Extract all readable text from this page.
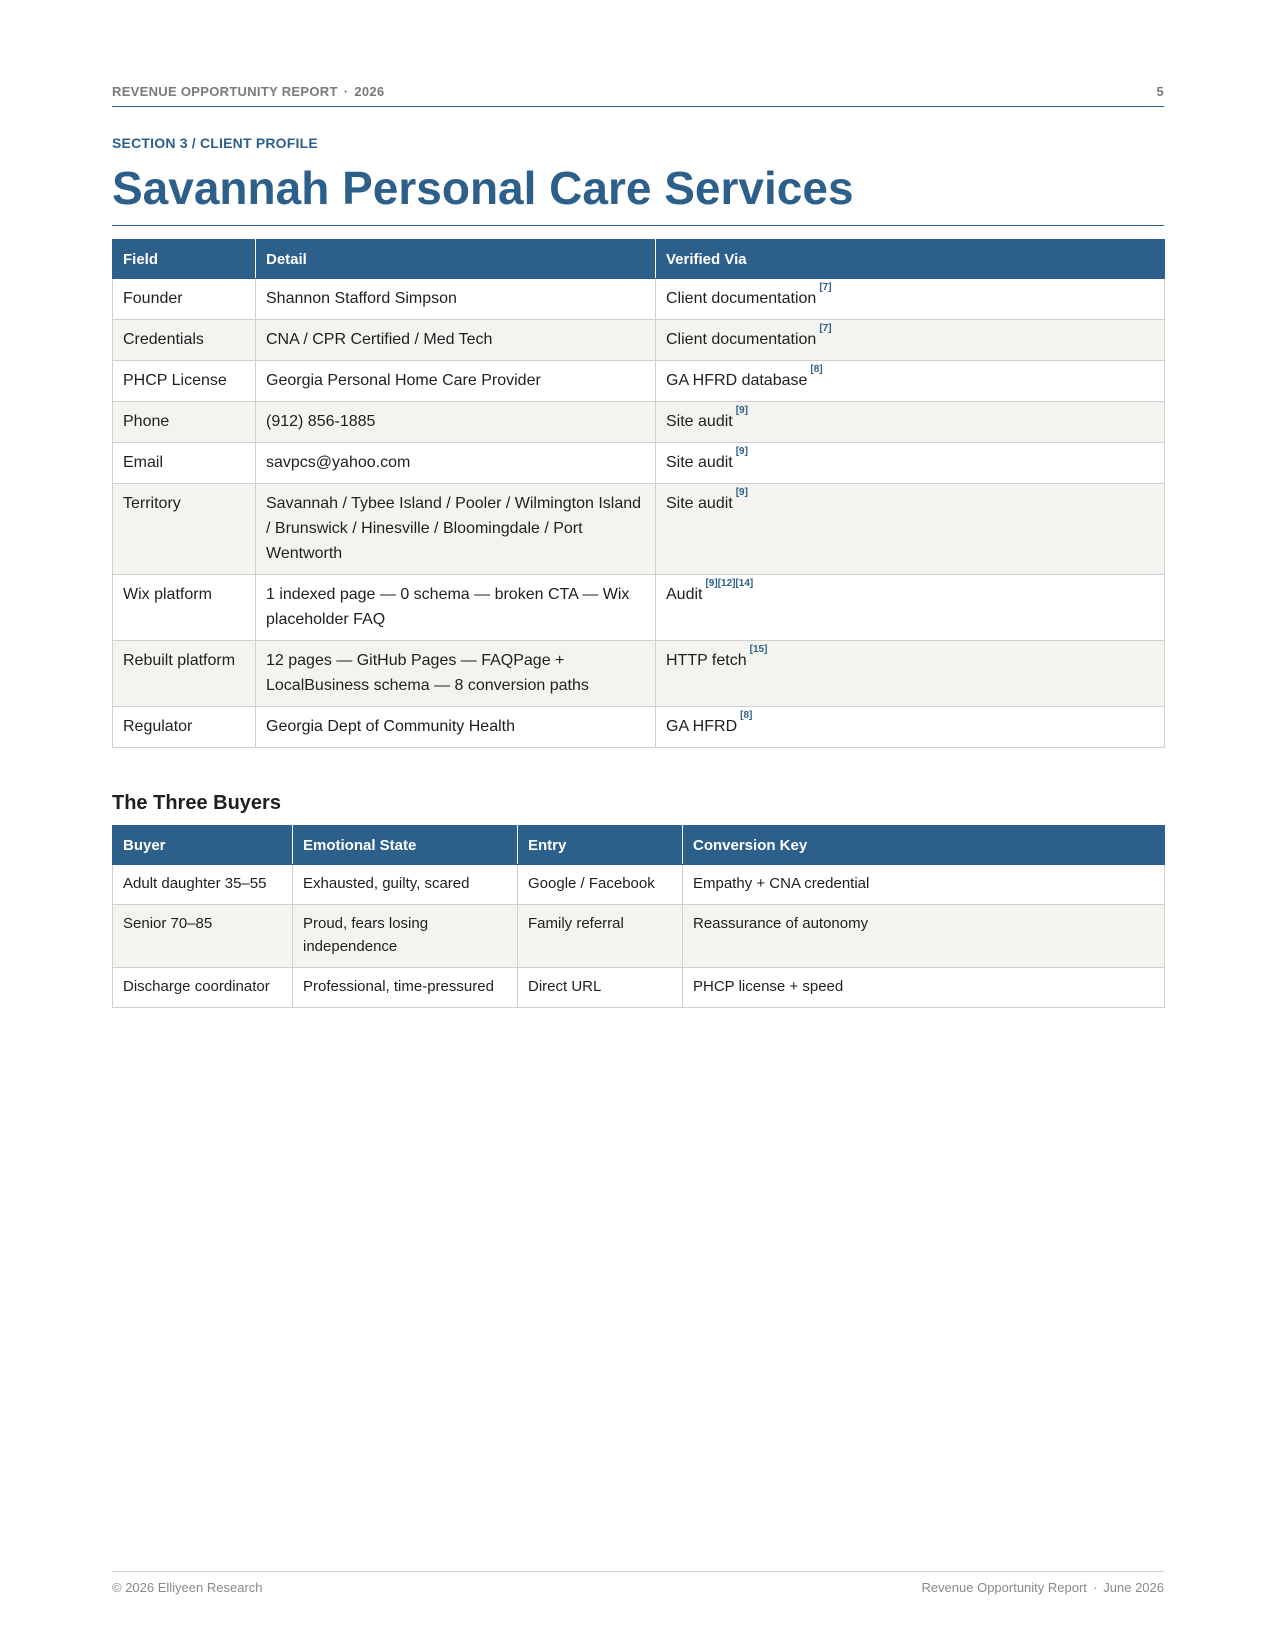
REVENUE OPPORTUNITY REPORT · 2026	5
SECTION 3 / CLIENT PROFILE
Savannah Personal Care Services
Field	Detail	Verified Via
Founder	Shannon Stafford Simpson	Client documentation[7]
Credentials	CNA / CPR Certified / Med Tech	Client documentation[7]
PHCP License	Georgia Personal Home Care Provider	GA HFRD database[8]
Phone	(912) 856-1885	Site audit[9]
Email	savpcs@yahoo.com	Site audit[9]
Territory	Savannah / Tybee Island / Pooler / Wilmington Island / Brunswick / Hinesville / Bloomingdale / Port Wentworth	Site audit[9]
Wix platform	1 indexed page — 0 schema — broken CTA — Wix placeholder FAQ	Audit[9][12][14]
Rebuilt platform	12 pages — GitHub Pages — FAQPage + LocalBusiness schema — 8 conversion paths	HTTP fetch[15]
Regulator	Georgia Dept of Community Health	GA HFRD[8]
The Three Buyers
Buyer	Emotional State	Entry	Conversion Key
Adult daughter 35–55	Exhausted, guilty, scared	Google / Facebook	Empathy + CNA credential
Senior 70–85	Proud, fears losing independence	Family referral	Reassurance of autonomy
Discharge coordinator	Professional, time-pressured	Direct URL	PHCP license + speed
© 2026 Elliyeen Research	Revenue Opportunity Report · June 2026
